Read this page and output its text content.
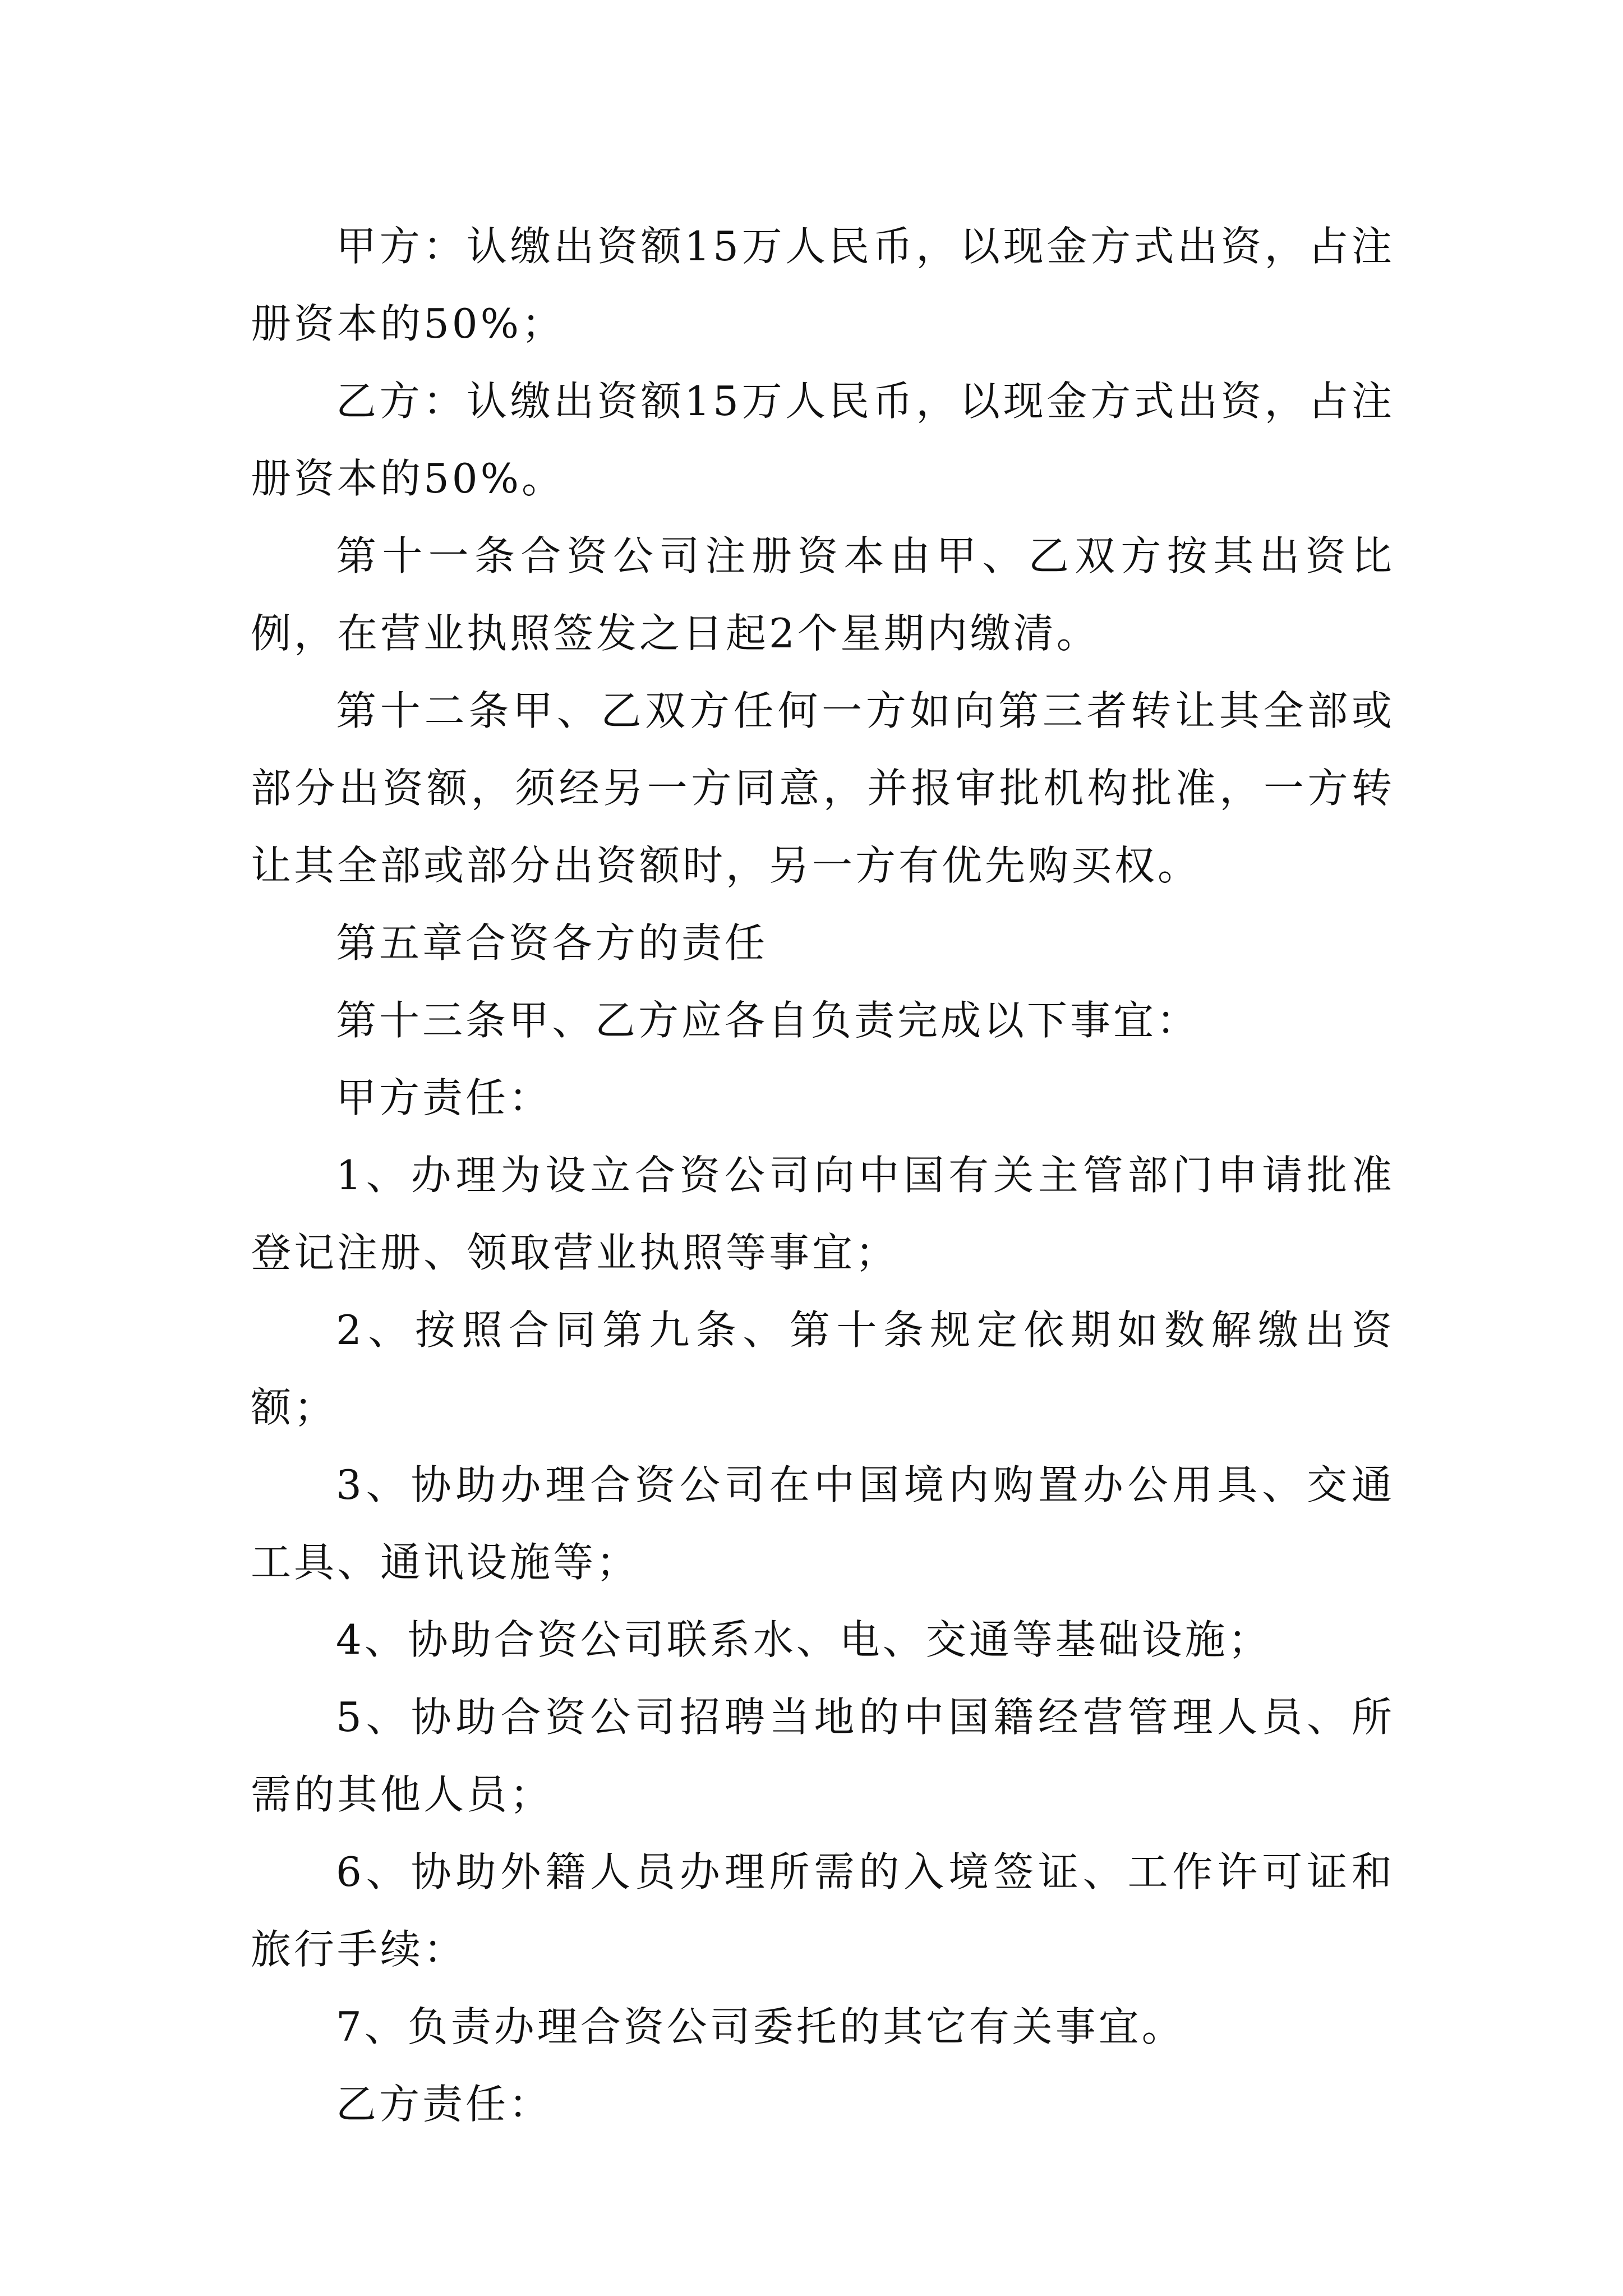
甲方：认缴出资额15万人民币，以现金方式出资，占注册资本的50%；

乙方：认缴出资额15万人民币，以现金方式出资，占注册资本的50%。

第十一条合资公司注册资本由甲、乙双方按其出资比例，在营业执照签发之日起2个星期内缴清。

第十二条甲、乙双方任何一方如向第三者转让其全部或部分出资额，须经另一方同意，并报审批机构批准，一方转让其全部或部分出资额时，另一方有优先购买权。

第五章合资各方的责任

第十三条甲、乙方应各自负责完成以下事宜：

甲方责任：

1、办理为设立合资公司向中国有关主管部门申请批准登记注册、领取营业执照等事宜；

2、按照合同第九条、第十条规定依期如数解缴出资额；

3、协助办理合资公司在中国境内购置办公用具、交通工具、通讯设施等；

4、协助合资公司联系水、电、交通等基础设施；

5、协助合资公司招聘当地的中国籍经营管理人员、所需的其他人员；

6、协助外籍人员办理所需的入境签证、工作许可证和旅行手续：

7、负责办理合资公司委托的其它有关事宜。

乙方责任：
